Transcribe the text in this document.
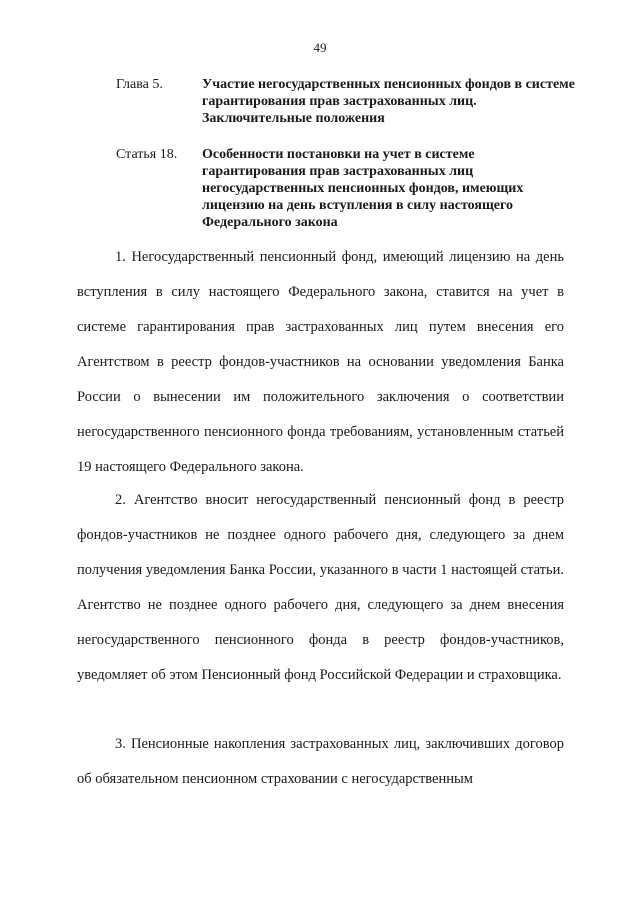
49
Глава 5.	Участие негосударственных пенсионных фондов в системе гарантирования прав застрахованных лиц. Заключительные положения
Статья 18.	Особенности постановки на учет в системе гарантирования прав застрахованных лиц негосударственных пенсионных фондов, имеющих лицензию на день вступления в силу настоящего Федерального закона

1. Негосударственный пенсионный фонд, имеющий лицензию на день вступления в силу настоящего Федерального закона, ставится на учет в системе гарантирования прав застрахованных лиц путем внесения его Агентством в реестр фондов-участников на основании уведомления Банка России о вынесении им положительного заключения о соответствии негосударственного пенсионного фонда требованиям, установленным статьей 19 настоящего Федерального закона.

2. Агентство вносит негосударственный пенсионный фонд в реестр фондов-участников не позднее одного рабочего дня, следующего за днем получения уведомления Банка России, указанного в части 1 настоящей статьи. Агентство не позднее одного рабочего дня, следующего за днем внесения негосударственного пенсионного фонда в реестр фондов-участников, уведомляет об этом Пенсионный фонд Российской Федерации и страховщика.

3. Пенсионные накопления застрахованных лиц, заключивших договор об обязательном пенсионном страховании с негосударственным
